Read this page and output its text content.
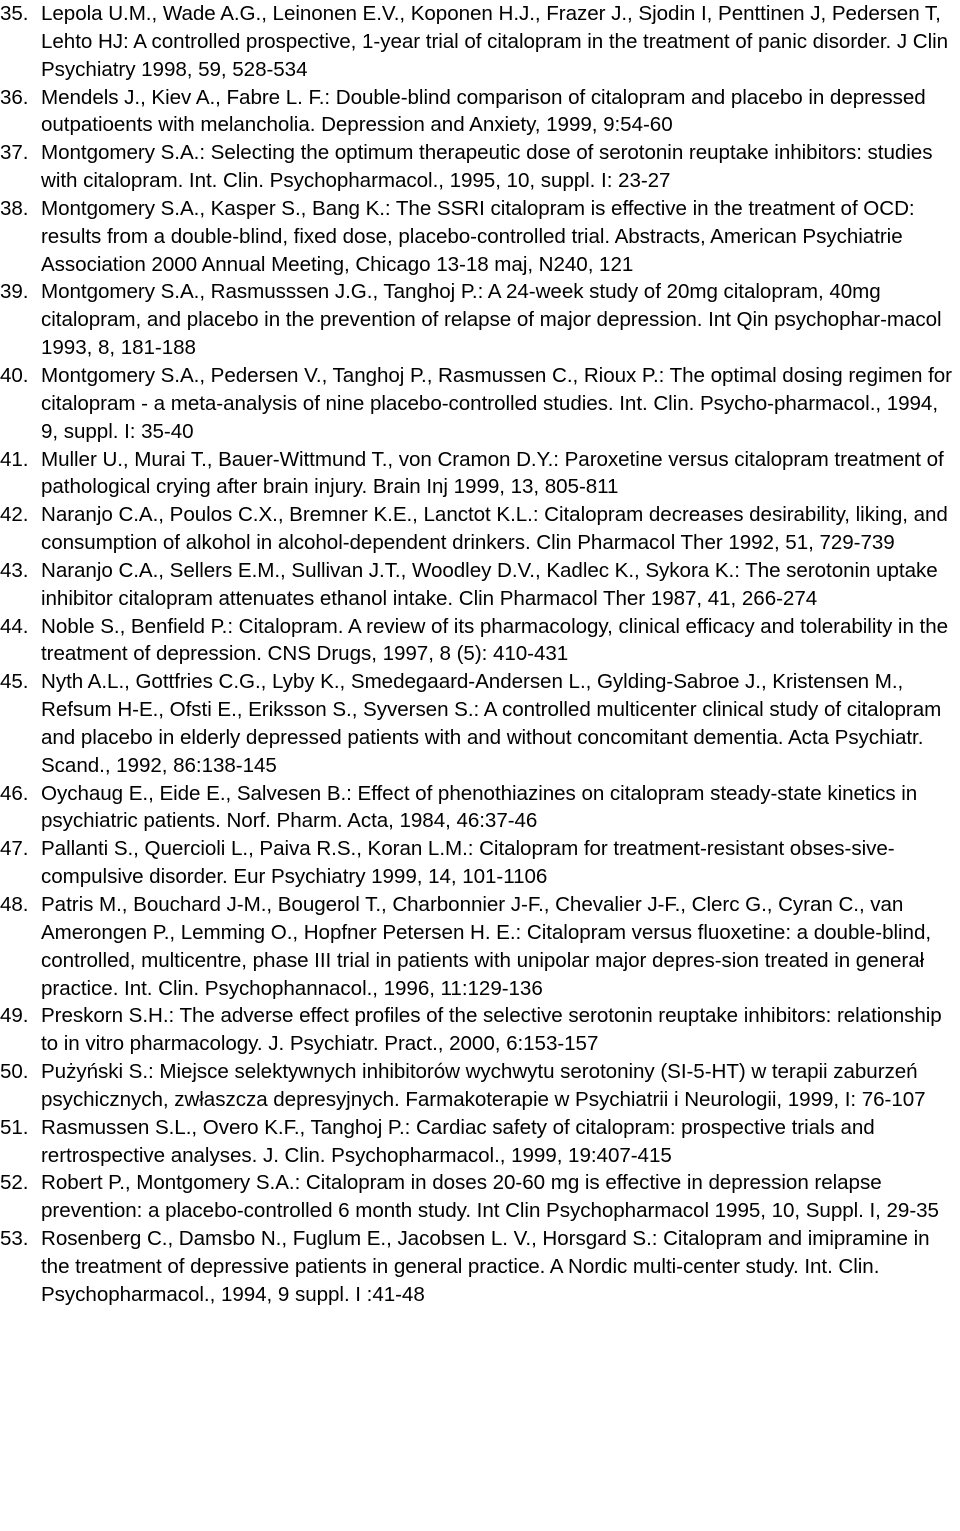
35. Lepola U.M., Wade A.G., Leinonen E.V., Koponen H.J., Frazer J., Sjodin I, Penttinen J, Pedersen T, Lehto HJ: A controlled prospective, 1-year trial of citalopram in the treatment of panic disorder. J Clin Psychiatry 1998, 59, 528-534
36. Mendels J., Kiev A., Fabre L. F.: Double-blind comparison of citalopram and placebo in depressed outpatioents with melancholia. Depression and Anxiety, 1999, 9:54-60
37. Montgomery S.A.: Selecting the optimum therapeutic dose of serotonin reuptake inhibitors: studies with citalopram. Int. Clin. Psychopharmacol., 1995, 10, suppl. I: 23-27
38. Montgomery S.A., Kasper S., Bang K.: The SSRI citalopram is effective in the treatment of OCD: results from a double-blind, fixed dose, placebo-controlled trial. Abstracts, American Psychiatrie Association 2000 Annual Meeting, Chicago 13-18 maj, N240, 121
39. Montgomery S.A., Rasmusssen J.G., Tanghoj P.: A 24-week study of 20mg citalopram, 40mg citalopram, and placebo in the prevention of relapse of major depression. Int Qin psychophar-macol 1993, 8, 181-188
40. Montgomery S.A., Pedersen V., Tanghoj P., Rasmussen C., Rioux P.: The optimal dosing regimen for citalopram - a meta-analysis of nine placebo-controlled studies. Int. Clin. Psycho-pharmacol., 1994, 9, suppl. I: 35-40
41. Muller U., Murai T., Bauer-Wittmund T., von Cramon D.Y.: Paroxetine versus citalopram treatment of pathological crying after brain injury. Brain Inj 1999, 13, 805-811
42. Naranjo C.A., Poulos C.X., Bremner K.E., Lanctot K.L.: Citalopram decreases desirability, liking, and consumption of alkohol in alcohol-dependent drinkers. Clin Pharmacol Ther 1992, 51, 729-739
43. Naranjo C.A., Sellers E.M., Sullivan J.T., Woodley D.V., Kadlec K., Sykora K.: The serotonin uptake inhibitor citalopram attenuates ethanol intake. Clin Pharmacol Ther 1987, 41, 266-274
44. Noble S., Benfield P.: Citalopram. A review of its pharmacology, clinical efficacy and tolerability in the treatment of depression. CNS Drugs, 1997, 8 (5): 410-431
45. Nyth A.L., Gottfries C.G., Lyby K., Smedegaard-Andersen L., Gylding-Sabroe J., Kristensen M., Refsum H-E., Ofsti E., Eriksson S., Syversen S.: A controlled multicenter clinical study of citalopram and placebo in elderly depressed patients with and without concomitant dementia. Acta Psychiatr. Scand., 1992, 86:138-145
46. Oychaug E., Eide E., Salvesen B.: Effect of phenothiazines on citalopram steady-state kinetics in psychiatric patients. Norf. Pharm. Acta, 1984, 46:37-46
47. Pallanti S., Quercioli L., Paiva R.S., Koran L.M.: Citalopram for treatment-resistant obses-sive-compulsive disorder. Eur Psychiatry 1999, 14, 101-1106
48. Patris M., Bouchard J-M., Bougerol T., Charbonnier J-F., Chevalier J-F., Clerc G., Cyran C., van Amerongen P., Lemming O., Hopfner Petersen H. E.: Citalopram versus fluoxetine: a double-blind, controlled, multicentre, phase III trial in patients with unipolar major depres-sion treated in generał practice. Int. Clin. Psychophannacol., 1996, 11:129-136
49. Preskorn S.H.: The adverse effect profiles of the selective serotonin reuptake inhibitors: relationship to in vitro pharmacology. J. Psychiatr. Pract., 2000, 6:153-157
50. Pużyński S.: Miejsce selektywnych inhibitorów wychwytu serotoniny (SI-5-HT) w terapii zaburzeń psychicznych, zwłaszcza depresyjnych. Farmakoterapie w Psychiatrii i Neurologii, 1999, I: 76-107
51. Rasmussen S.L., Overo K.F., Tanghoj P.: Cardiac safety of citalopram: prospective trials and rertrospective analyses. J. Clin. Psychopharmacol., 1999, 19:407-415
52. Robert P., Montgomery S.A.: Citalopram in doses 20-60 mg is effective in depression relapse prevention: a placebo-controlled 6 month study. Int Clin Psychopharmacol 1995, 10, Suppl. I, 29-35
53. Rosenberg C., Damsbo N., Fuglum E., Jacobsen L. V., Horsgard S.: Citalopram and imipramine in the treatment of depressive patients in general practice. A Nordic multi-center study. Int. Clin. Psychopharmacol., 1994, 9 suppl. I :41-48
